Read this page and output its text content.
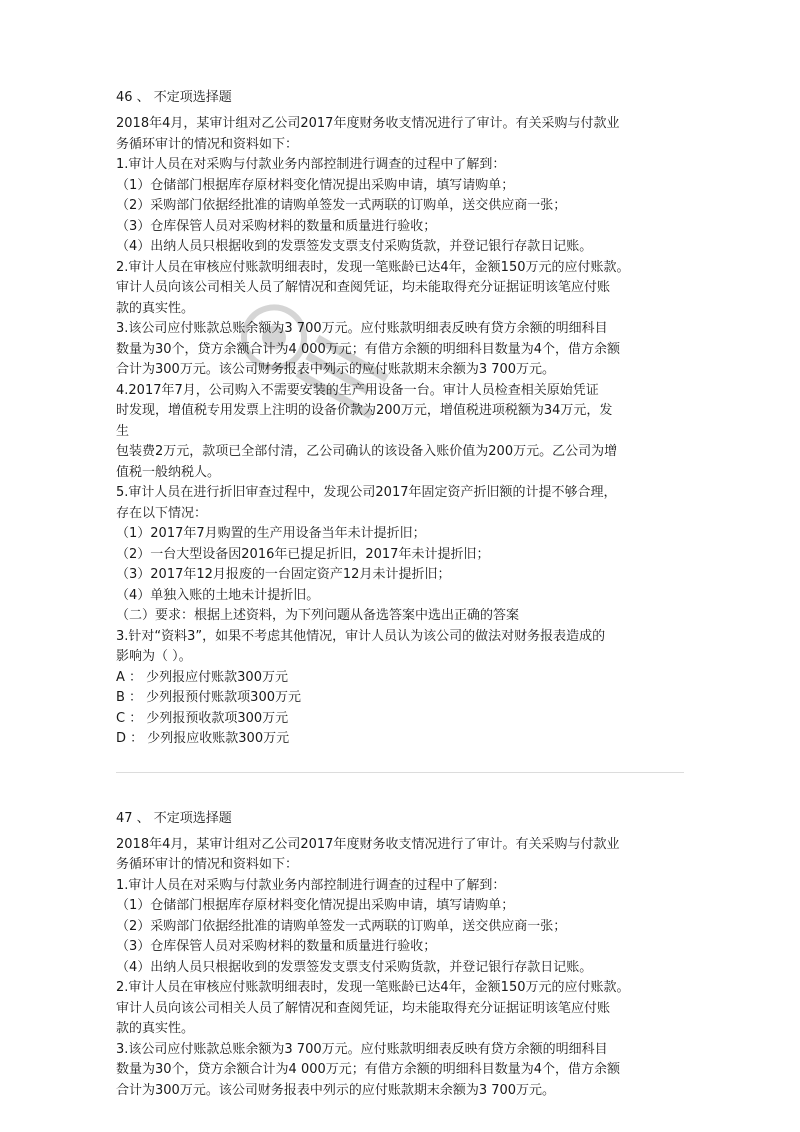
46 、 不定项选择题

2018年4月，某审计组对乙公司2017年度财务收支情况进行了审计。有关采购与付款业

务循环审计的情况和资料如下：

1.审计人员在对采购与付款业务内部控制进行调查的过程中了解到：

（1）仓储部门根据库存原材料变化情况提出采购申请，填写请购单；

（2）采购部门依据经批准的请购单签发一式两联的订购单，送交供应商一张；

（3）仓库保管人员对采购材料的数量和质量进行验收；

（4）出纳人员只根据收到的发票签发支票支付采购货款，并登记银行存款日记账。

2.审计人员在审核应付账款明细表时，发现一笔账龄已达4年，金额150万元的应付账款。

审计人员向该公司相关人员了解情况和查阅凭证，均未能取得充分证据证明该笔应付账

款的真实性。

3.该公司应付账款总账余额为3 700万元。应付账款明细表反映有贷方余额的明细科目

数量为30个，贷方余额合计为4 000万元；有借方余额的明细科目数量为4个，借方余额

合计为300万元。该公司财务报表中列示的应付账款期末余额为3 700万元。

4.2017年7月，公司购入不需要安装的生产用设备一台。审计人员检查相关原始凭证

时发现，增值税专用发票上注明的设备价款为200万元，增值税进项税额为34万元，发

生

包装费2万元，款项已全部付清，乙公司确认的该设备入账价值为200万元。乙公司为增

值税一般纳税人。

5.审计人员在进行折旧审查过程中，发现公司2017年固定资产折旧额的计提不够合理，

存在以下情况：

（1）2017年7月购置的生产用设备当年未计提折旧；

（2）一台大型设备因2016年已提足折旧，2017年未计提折旧；

（3）2017年12月报废的一台固定资产12月未计提折旧；

（4）单独入账的土地未计提折旧。

（二）要求：根据上述资料，为下列问题从备选答案中选出正确的答案

3.针对“资料3”，如果不考虑其他情况，审计人员认为该公司的做法对财务报表造成的

影响为（ ）。

A ： 少列报应付账款300万元

B ： 少列报预付账款项300万元

C ： 少列报预收款项300万元

D ： 少列报应收账款300万元

47 、 不定项选择题

2018年4月，某审计组对乙公司2017年度财务收支情况进行了审计。有关采购与付款业

务循环审计的情况和资料如下：

1.审计人员在对采购与付款业务内部控制进行调查的过程中了解到：

（1）仓储部门根据库存原材料变化情况提出采购申请，填写请购单；

（2）采购部门依据经批准的请购单签发一式两联的订购单，送交供应商一张；

（3）仓库保管人员对采购材料的数量和质量进行验收；

（4）出纳人员只根据收到的发票签发支票支付采购货款，并登记银行存款日记账。

2.审计人员在审核应付账款明细表时，发现一笔账龄已达4年，金额150万元的应付账款。

审计人员向该公司相关人员了解情况和查阅凭证，均未能取得充分证据证明该笔应付账

款的真实性。

3.该公司应付账款总账余额为3 700万元。应付账款明细表反映有贷方余额的明细科目

数量为30个，贷方余额合计为4 000万元；有借方余额的明细科目数量为4个，借方余额

合计为300万元。该公司财务报表中列示的应付账款期末余额为3 700万元。
